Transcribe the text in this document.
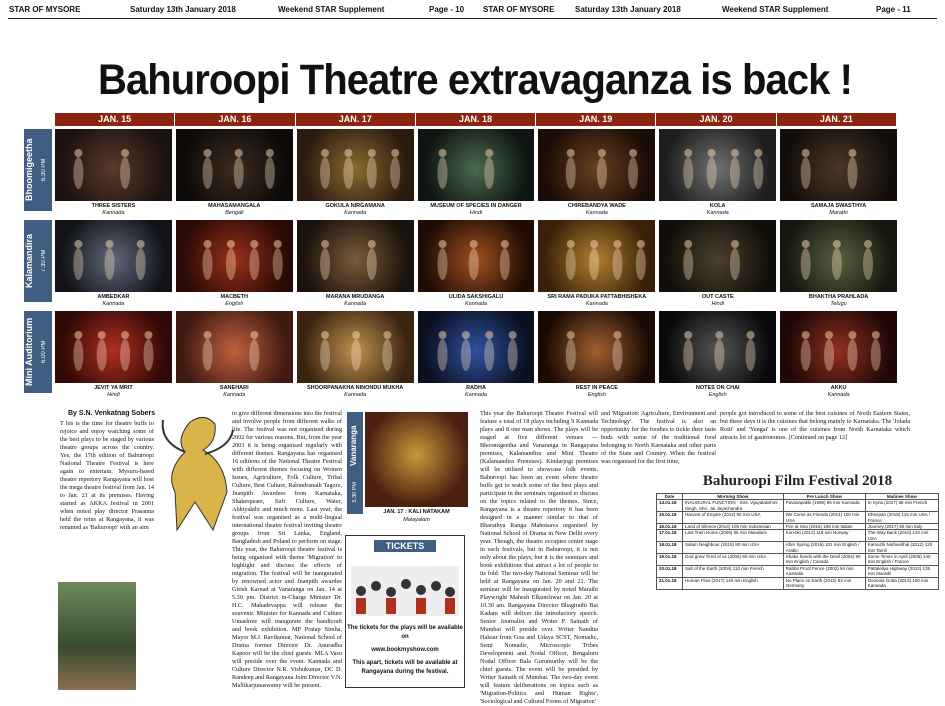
STAR OF MYSORE	Saturday 13th January 2018	Weekend STAR Supplement	Page - 10 STAR OF MYSORE	Saturday 13th January 2018	Weekend STAR Supplement	Page - 11
Bahuroopi Theatre extravaganza is back !
JAN. 15	JAN. 16	JAN. 17	JAN. 18	JAN. 19	JAN. 20	JAN. 21
Bhoomigeetha	6.30 PM
THREE SISTERS
Kannada
MAHASAMANGALA
Bengali
GOKULA NIRGAMANA
Kannada
MUSEUM OF SPECIES IN DANGER
Hindi
CHIREBANDYA WADE
Kannada
KOLA
Kannada
SAMAJA SWASTHYA
Marathi
Kalamandira	7.30 PM
AMBEDKAR
Kannada
MACBETH
English
MARANA MRUDANGA
Kannada
ULIDA SAKSHIGALU
Kannada
SRI RAMA PADUKA PATTABHISHEKA
Kannada
OUT CASTE
Hindi
BHAKTHA PRAHLADA
Telugu
Mini Auditorium	6.00 PM
JEVIT YA MRIT
Hindi
SANEHARI
Kannada
SHOORPANAKHA NINONDU MUKHA
Kannada
RADHA
Kannada
REST IN PEACE
English
NOTES ON CHAI
English
AKKU
Kannada
By S.N. Venkatnag Sobers
T his is the time for theatre buffs to rejoice and enjoy watching some of the best plays to be staged by various theatre groups across the country. Yes, the 17th edition of Bahuroopi National Theatre Festival is here again to entertain. Mysuru-based theatre repertory Rangayana will host the mega theatre festival from Jan. 14 to Jan. 21 at its premises. Having started as AKKA festival in 2001 when noted play director Prasanna held the reins at Rangayana, it was renamed as 'Bahuroopi' with an aim
to give different dimensions into the festival and involve people from different walks of life. The festival was not organised during 2002 for various reasons. But, from the year 2003 it is being organised regularly with different themes. Rangayana has organised 16 editions of the National Theatre Festival with different themes focusing on Women Issues, Agriculture, Folk Culture, Tribal Culture, Best Culture, Rabindranath Tagore, Jnanpith Awardees from Karnataka, Shakespeare, Sufi Culture, Water, Abhiyakthi and much more. Last year, the festival was organised as a multi-lingual international theatre festival inviting theatre groups from Sri Lanka, England, Bangladesh and Poland to perform on stage. This year, the Bahuroopi theatre festival is being organised with theme 'Migration' to highlight and discuss the effects of migration. The festival will be inaugurated by renowned actor and Jnanpith awardee Girish Karnad at Vanaranga on Jan. 14 at 5.30 pm. District in-Charge Minister Dr. H.C. Mahadevappa will release the souvenir. Minister for Kannada and Culture Umashree will inaugurate the handicraft and book exhibition. MP Pratap Simha, Mayor M.J. Ravikumar, National School of Drama former Director Dr. Anuradha Kapoor will be the chief guests. MLA Vasu will preside over the event. Kannada and Culture Director N.R. Vishukumar, DC D. Randeep and Rangayana Joint Director V.N. Mallikarjunaswamy will be present.
This year the Bahuroopi Theatre Festival will feature a total of 18 plays including 9 Kannada plays and 8 one man shows. The plays will be staged at five different venues — Bhoomigeetha and Vanaranga in Rangayana premises, Kalamandira and Mini Theatre (Kalamandira Premises). Kindarjogi premises will be utilised to showcase folk events. Bahuroopi has been an event where theatre buffs get to watch some of the best plays and participate in the seminars organised to discuss on the topics related to the themes. Since, Rangayana is a theatre repertory it has been designed in a manner similar to that of Bharathya Ranga Mahotsava organised by National School of Drama in New Delhi every year. Though, the theatre occupies centre stage in such festivals, but in Bahuroopi, it is not only about the plays, but it is the seminars and book exhibitions that attract a lot of people to its fold. The two-day National Seminar will be held at Rangayana on Jan. 20 and 21. The seminar will be inaugurated by noted Marathi Playwright Mahesh Elkunchwar on Jan. 20 at 10.30 am. Rangayana Director Bhagirathi Bai Kadam will deliver the introductory speech. Senior Journalist and Writer P. Sainath of Mumbai will preside over. Writer Nandita Haksar from Goa and Udaya SCST, Nomadic, Semi Nomadic, Microscopic Tribes Development and Nodal Officer, Bengaluru Nodal Officer Bala Gurumurthy will be the chief guests. The event will be presided by Writer Sainath of Mumbai. The two-day event will feature deliberations on topics such as 'Migration-Politics and Human Rights', 'Sociological and Cultural Forms of Migration'
and 'Migration: Agriculture, Environment and Technology'. The festival is also an opportunity for the foodies to tickle their taste buds with some of the traditional food belonging to North Karnataka and other parts of the State and Country. When the festival was organised for the first time,
people got introduced to some of the best cuisines of North Eastern States, but these days it is the cuisines that belong mainly to Karnataka. The 'Jolada Rotti' and 'Yengai' is one of the cuisines from North Karnataka which attracts lot of gastronomes. [Continued on page 12]
Vanaranga
5.30 PM
JAN. 17 : KALI NATAKAM
Malayalam
TICKETS
The tickets for the plays will be available on
www.bookmyshow.com
This apart, tickets will be available at Rangayana during the festival.
Bahuroopi Film Festival 2018
Date	Morning Show	Pre Lunch Show	Matinee Show
14.01.18	INAUGURAL FUNCTION - Smt. Vijayalakshmi Singh, Shri. Jai Jayachandra	Pavasapakki (1996) 96 min Kannada	In Syria (2017) 85 min French
15.01.18	Harvest of Empire (2012) 90 min USA	We Come as Friends (2014) 100 min USA	Dheepan (2015) 115 min USA / France
16.01.18	Land of Silence (2014) 105 min Indonesian	Fire at Sea (2016) 108 min Italian	Journey (2017) 90 min Italy
17.01.18	Last Train Home (2009) 85 min Mandarin	Kon-tiki (2012) 118 min Norway	The Way Back (2010) 133 min USA
18.01.18	Salam Neighbour (2015) 80 min USA	After Spring (2016) 101 min English / Arabic	Kamuzhi Nuthanithal (2012) 120 min Tamil
19.01.18	God grew Tired of us (2006) 90 min USA	Shake hands with the Devil (2004) 90 min English / Canada	Some Times in April (2005) 140 min English / France
20.01.18	Salt of the Earth (2004) 110 min French	Rabbit Proof Fence (2002) 94 min Australia	Pattaleliya Highway (2012) 135 min Marathi
21.01.18	Human Flow (2017) 140 min English	No Place on Earth (2012) 83 min Germany	Doonola Gotta (2013) 100 min Kannada
